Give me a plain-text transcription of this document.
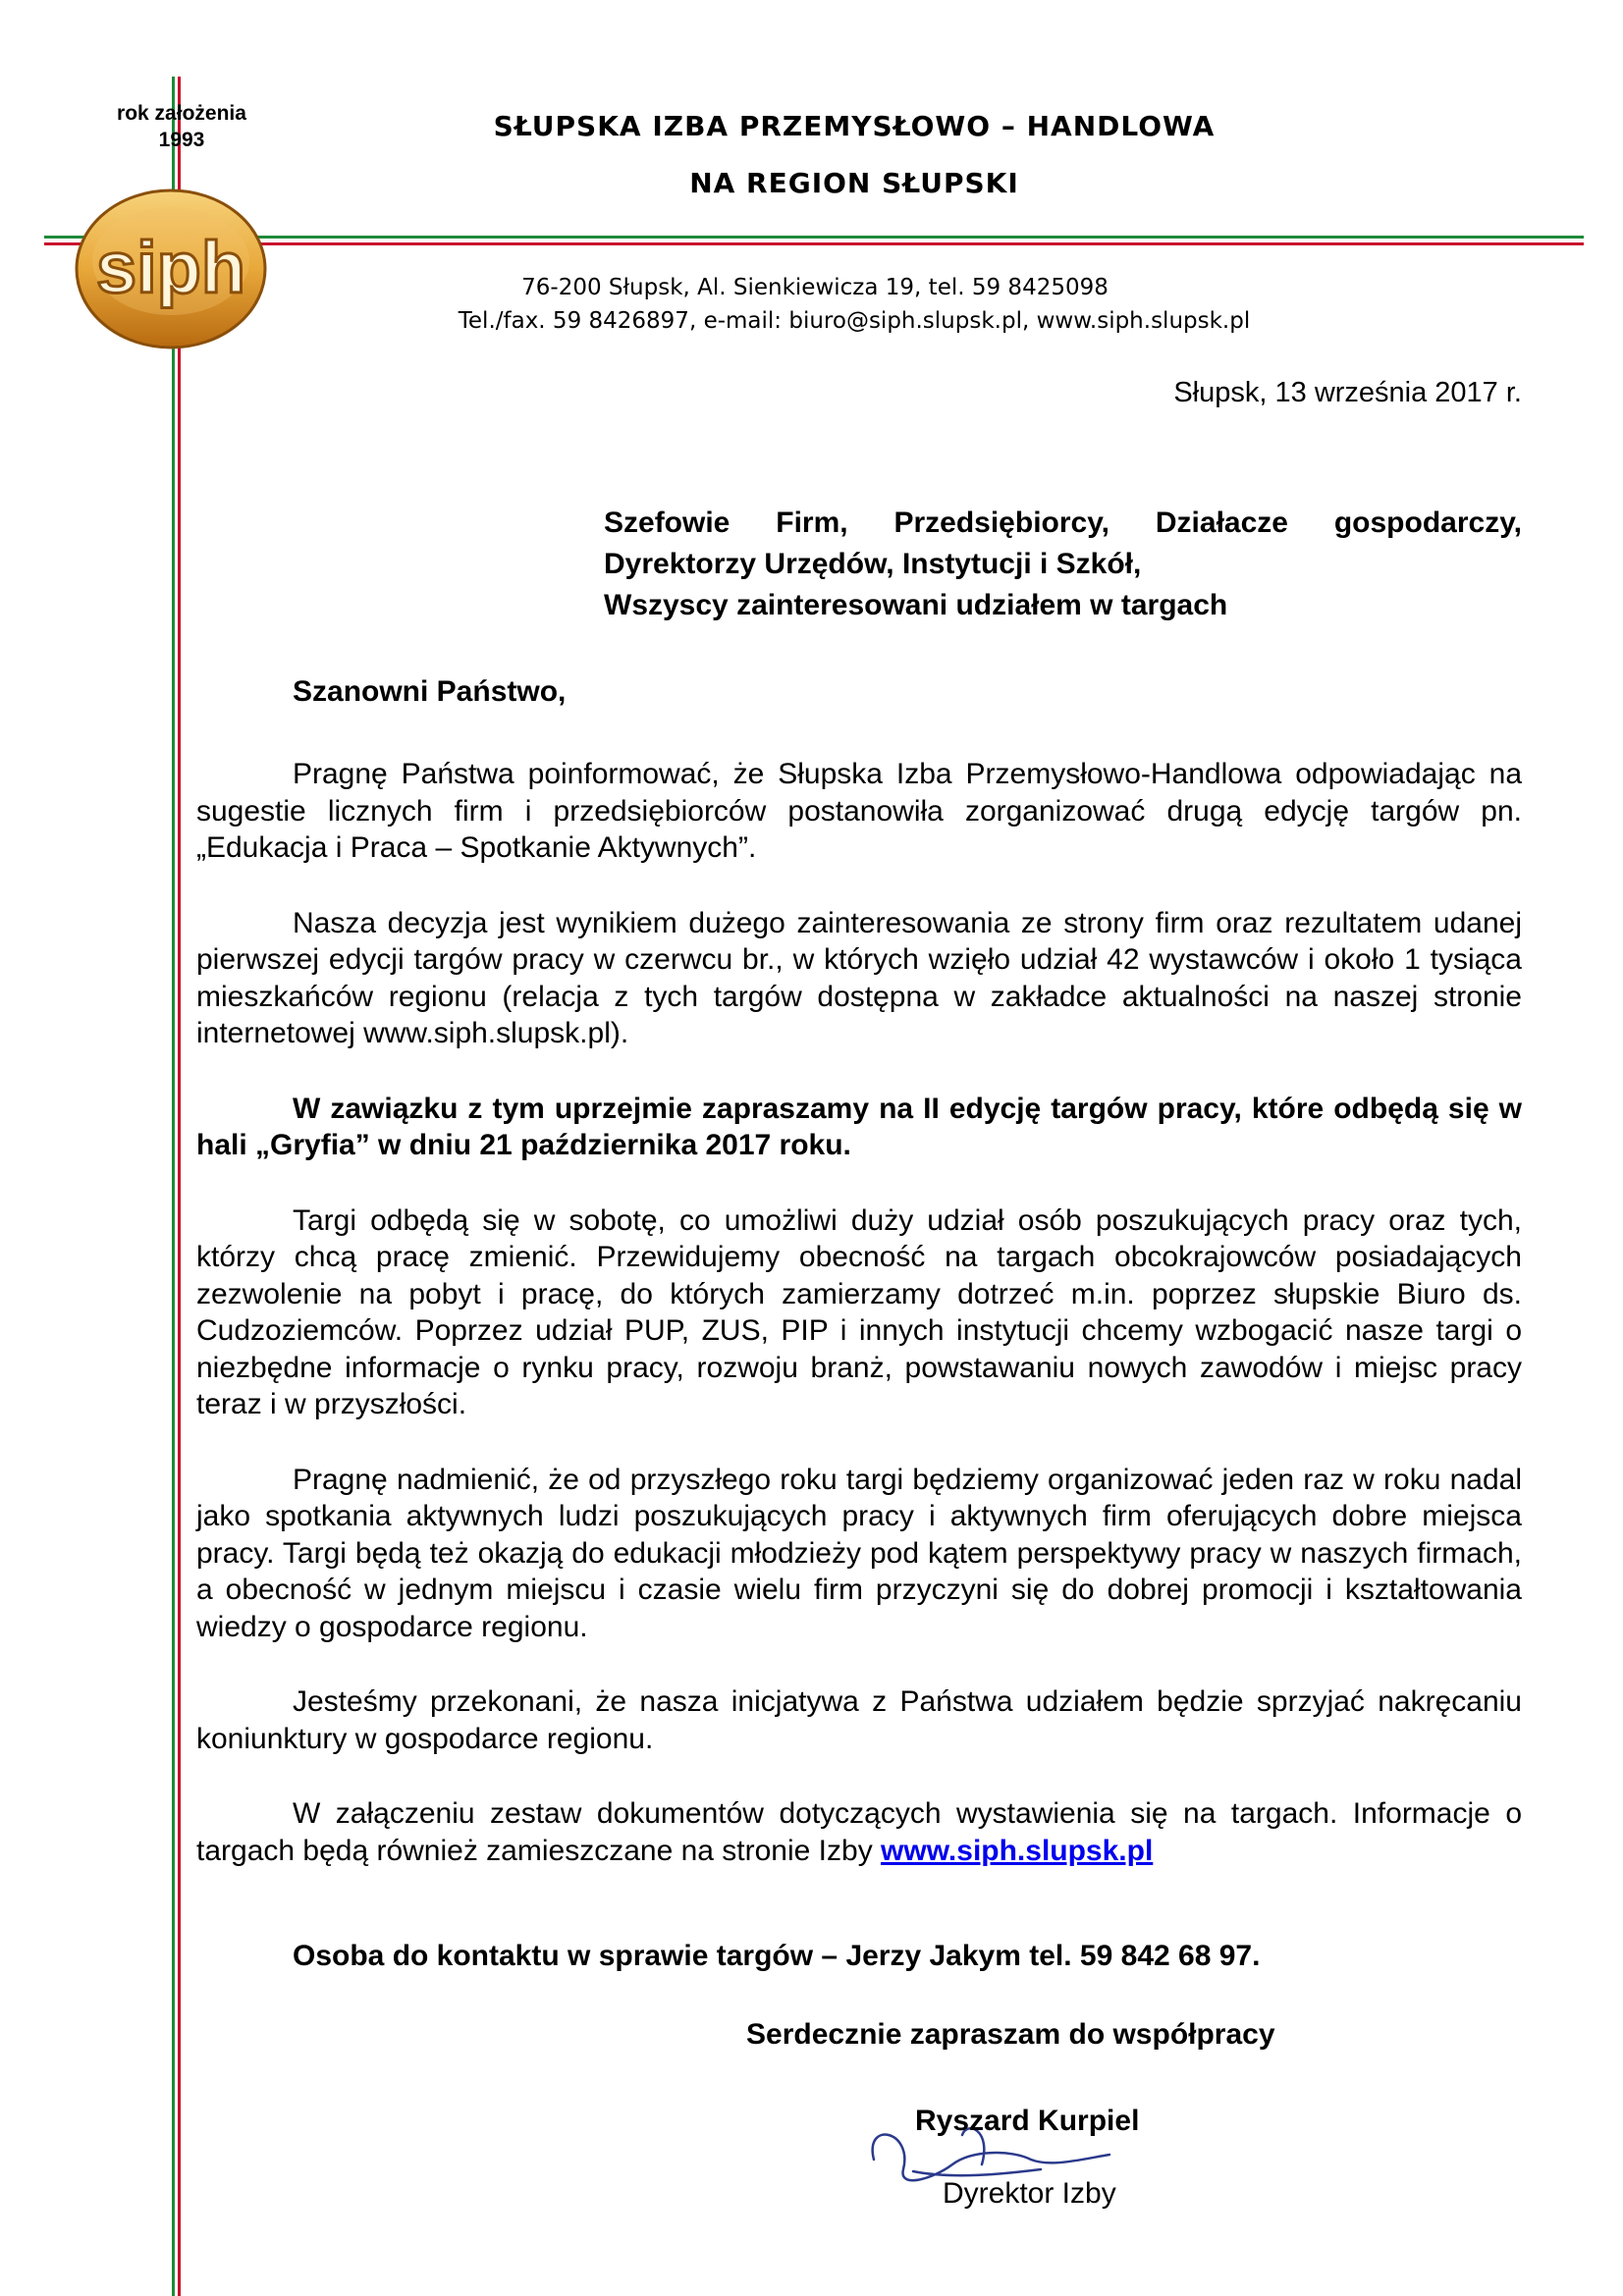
rok założenia
1993
siph
SŁUPSKA IZBA PRZEMYSŁOWO – HANDLOWA
NA REGION SŁUPSKI
76-200 Słupsk, Al. Sienkiewicza 19, tel. 59 8425098
Tel./fax. 59 8426897, e-mail: biuro@siph.slupsk.pl, www.siph.slupsk.pl
Słupsk, 13 września 2017 r.
Szefowie Firm, Przedsiębiorcy, Działacze gospodarczy,
Dyrektorzy Urzędów, Instytucji i Szkół,
Wszyscy zainteresowani udziałem w targach
Szanowni Państwo,

Pragnę Państwa poinformować, że Słupska Izba Przemysłowo-Handlowa odpowiadając na sugestie licznych firm i przedsiębiorców postanowiła zorganizować drugą edycję targów pn. „Edukacja i Praca – Spotkanie Aktywnych”.

Nasza decyzja jest wynikiem dużego zainteresowania ze strony firm oraz rezultatem udanej pierwszej edycji targów pracy w czerwcu br., w których wzięło udział 42 wystawców i około 1 tysiąca mieszkańców regionu (relacja z tych targów dostępna w zakładce aktualności na naszej stronie internetowej www.siph.slupsk.pl).

W zawiązku z tym uprzejmie zapraszamy na II edycję targów pracy, które odbędą się w hali „Gryfia” w dniu 21 października 2017 roku.

Targi odbędą się w sobotę, co umożliwi duży udział osób poszukujących pracy oraz tych, którzy chcą pracę zmienić. Przewidujemy obecność na targach obcokrajowców posiadających zezwolenie na pobyt i pracę, do których zamierzamy dotrzeć m.in. poprzez słupskie Biuro ds. Cudzoziemców. Poprzez udział PUP, ZUS, PIP i innych instytucji chcemy wzbogacić nasze targi o niezbędne informacje o rynku pracy, rozwoju branż, powstawaniu nowych zawodów i miejsc pracy teraz i w przyszłości.

Pragnę nadmienić, że od przyszłego roku targi będziemy organizować jeden raz w roku nadal jako spotkania aktywnych ludzi poszukujących pracy i aktywnych firm oferujących dobre miejsca pracy. Targi będą też okazją do edukacji młodzieży pod kątem perspektywy pracy w naszych firmach, a obecność w jednym miejscu i czasie wielu firm przyczyni się do dobrej promocji i kształtowania wiedzy o gospodarce regionu.

Jesteśmy przekonani, że nasza inicjatywa z Państwa udziałem będzie sprzyjać nakręcaniu koniunktury w gospodarce regionu.

W załączeniu zestaw dokumentów dotyczących wystawienia się na targach. Informacje o targach będą również zamieszczane na stronie Izby www.siph.slupsk.pl

Osoba do kontaktu w sprawie targów – Jerzy Jakym tel. 59 842 68 97.
Serdecznie zapraszam do współpracy
Ryszard Kurpiel
Dyrektor Izby
